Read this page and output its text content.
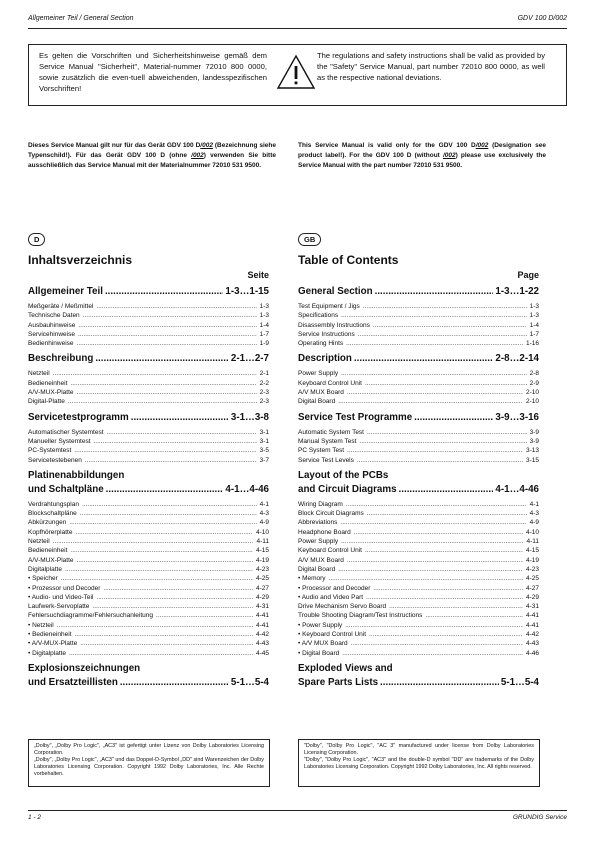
Allgemeiner Teil / General Section	GDV 100 D/002
Es gelten die Vorschriften und Sicherheitshinweise gemäß dem Service Manual "Sicherheit", Material-nummer 72010 800 0000, sowie zusätzlich die even-tuell abweichenden, landesspezifischen Vorschriften!
The regulations and safety instructions shall be valid as provided by the "Safety" Service Manual, part number 72010 800 0000, as well as the respective national deviations.
Dieses Service Manual gilt nur für das Gerät GDV 100 D/002 (Bezeichnung siehe Typenschild!). Für das Gerät GDV 100 D (ohne /002) verwenden Sie bitte ausschließlich das Service Manual mit der Materialnummer 72010 531 9500.
This Service Manual is valid only for the GDV 100 D/002 (Designation see product label!). For the GDV 100 D (without /002) please use exclusively the Service Manual with the part number 72010 531 9500.
D
Inhaltsverzeichnis
Seite
Allgemeiner Teil .....	1-3…1-15
Meßgeräte / Meßmittel .....	1-3
Technische Daten .....	1-3
Ausbauhinweise .....	1-4
Servicehinweise .....	1-7
Bedienhinweise .....	1-9
Beschreibung .....	2-1…2-7
Netzteil .....	2-1
Bedieneinheit .....	2-2
A/V-MUX-Platte .....	2-3
Digital-Platte .....	2-3
Servicetestprogramm .....	3-1…3-8
Automatischer Systemtest .....	3-1
Manueller Systemtest .....	3-1
PC-Systemtest .....	3-5
Servicetestebenen .....	3-7
Platinenabbildungen
und Schaltpläne .....	4-1…4-46
Verdrahtungsplan .....	4-1
Blockschaltpläne .....	4-3
Abkürzungen .....	4-9
Kopfhörerplatte .....	4-10
Netzteil .....	4-11
Bedieneinheit .....	4-15
A/V-MUX-Platte .....	4-19
Digitalplatte .....	4-23
• Speicher .....	4-25
• Prozessor und Decoder .....	4-27
• Audio- und Video-Teil .....	4-29
Laufwerk-Servoplatte .....	4-31
Fehlersuchdiagramme/Fehlersuchanleitung .....	4-41
• Netzteil .....	4-41
• Bedieneinheit .....	4-42
• A/V-MUX-Platte .....	4-43
• Digitalplatte .....	4-45
Explosionszeichnungen
und Ersatzteillisten .....	5-1…5-4
GB
Table of Contents
Page
General Section .....	1-3…1-22
Test Equipment / Jigs .....	1-3
Specifications .....	1-3
Disassembly Instructions .....	1-4
Service Instructions .....	1-7
Operating Hints .....	1-16
Description .....	2-8…2-14
Power Supply .....	2-8
Keyboard Control Unit .....	2-9
A/V MUX Board .....	2-10
Digital Board .....	2-10
Service Test Programme .....	3-9…3-16
Automatic System Test .....	3-9
Manual System Test .....	3-9
PC System Test .....	3-13
Service Test Levels .....	3-15
Layout of the PCBs
and Circuit Diagrams .....	4-1…4-46
Wiring Diagram .....	4-1
Block Circuit Diagrams .....	4-3
Abbreviations .....	4-9
Headphone Board .....	4-10
Power Supply .....	4-11
Keyboard Control Unit .....	4-15
A/V MUX Board .....	4-19
Digital Board .....	4-23
• Memory .....	4-25
• Processor and Decoder .....	4-27
• Audio and Video Part .....	4-29
Drive Mechanism Servo Board .....	4-31
Trouble Shooting Diagram/Test Instructions .....	4-41
• Power Supply .....	4-41
• Keyboard Control Unit .....	4-42
• A/V MUX Board .....	4-43
• Digital Board .....	4-46
Exploded Views and
Spare Parts Lists .....	5-1…5-4

„Dolby", „Dolby Pro Logic", „AC3" ist gefertigt unter Lizenz von Dolby Laboratories Licensing Corporation.

„Dolby", „Dolby Pro Logic", „AC3" und das Doppel-D-Symbol „DD" sind Warenzeichen der Dolby Laboratories Licensing Corporation. Copyright 1992 Dolby Laboratories, Inc. Alle Rechte vorbehalten.

"Dolby", "Dolby Pro Logic", "AC 3" manufactured under license from Dolby Laboratories Licensing Corporation.

"Dolby", "Dolby Pro Logic", "AC3" and the double-D symbol "DD" are trademarks of the Dolby Laboratories Licensing Corporation. Copyright 1992 Dolby Laboratories, Inc. All rights reserved.

1 - 2	GRUNDIG Service
